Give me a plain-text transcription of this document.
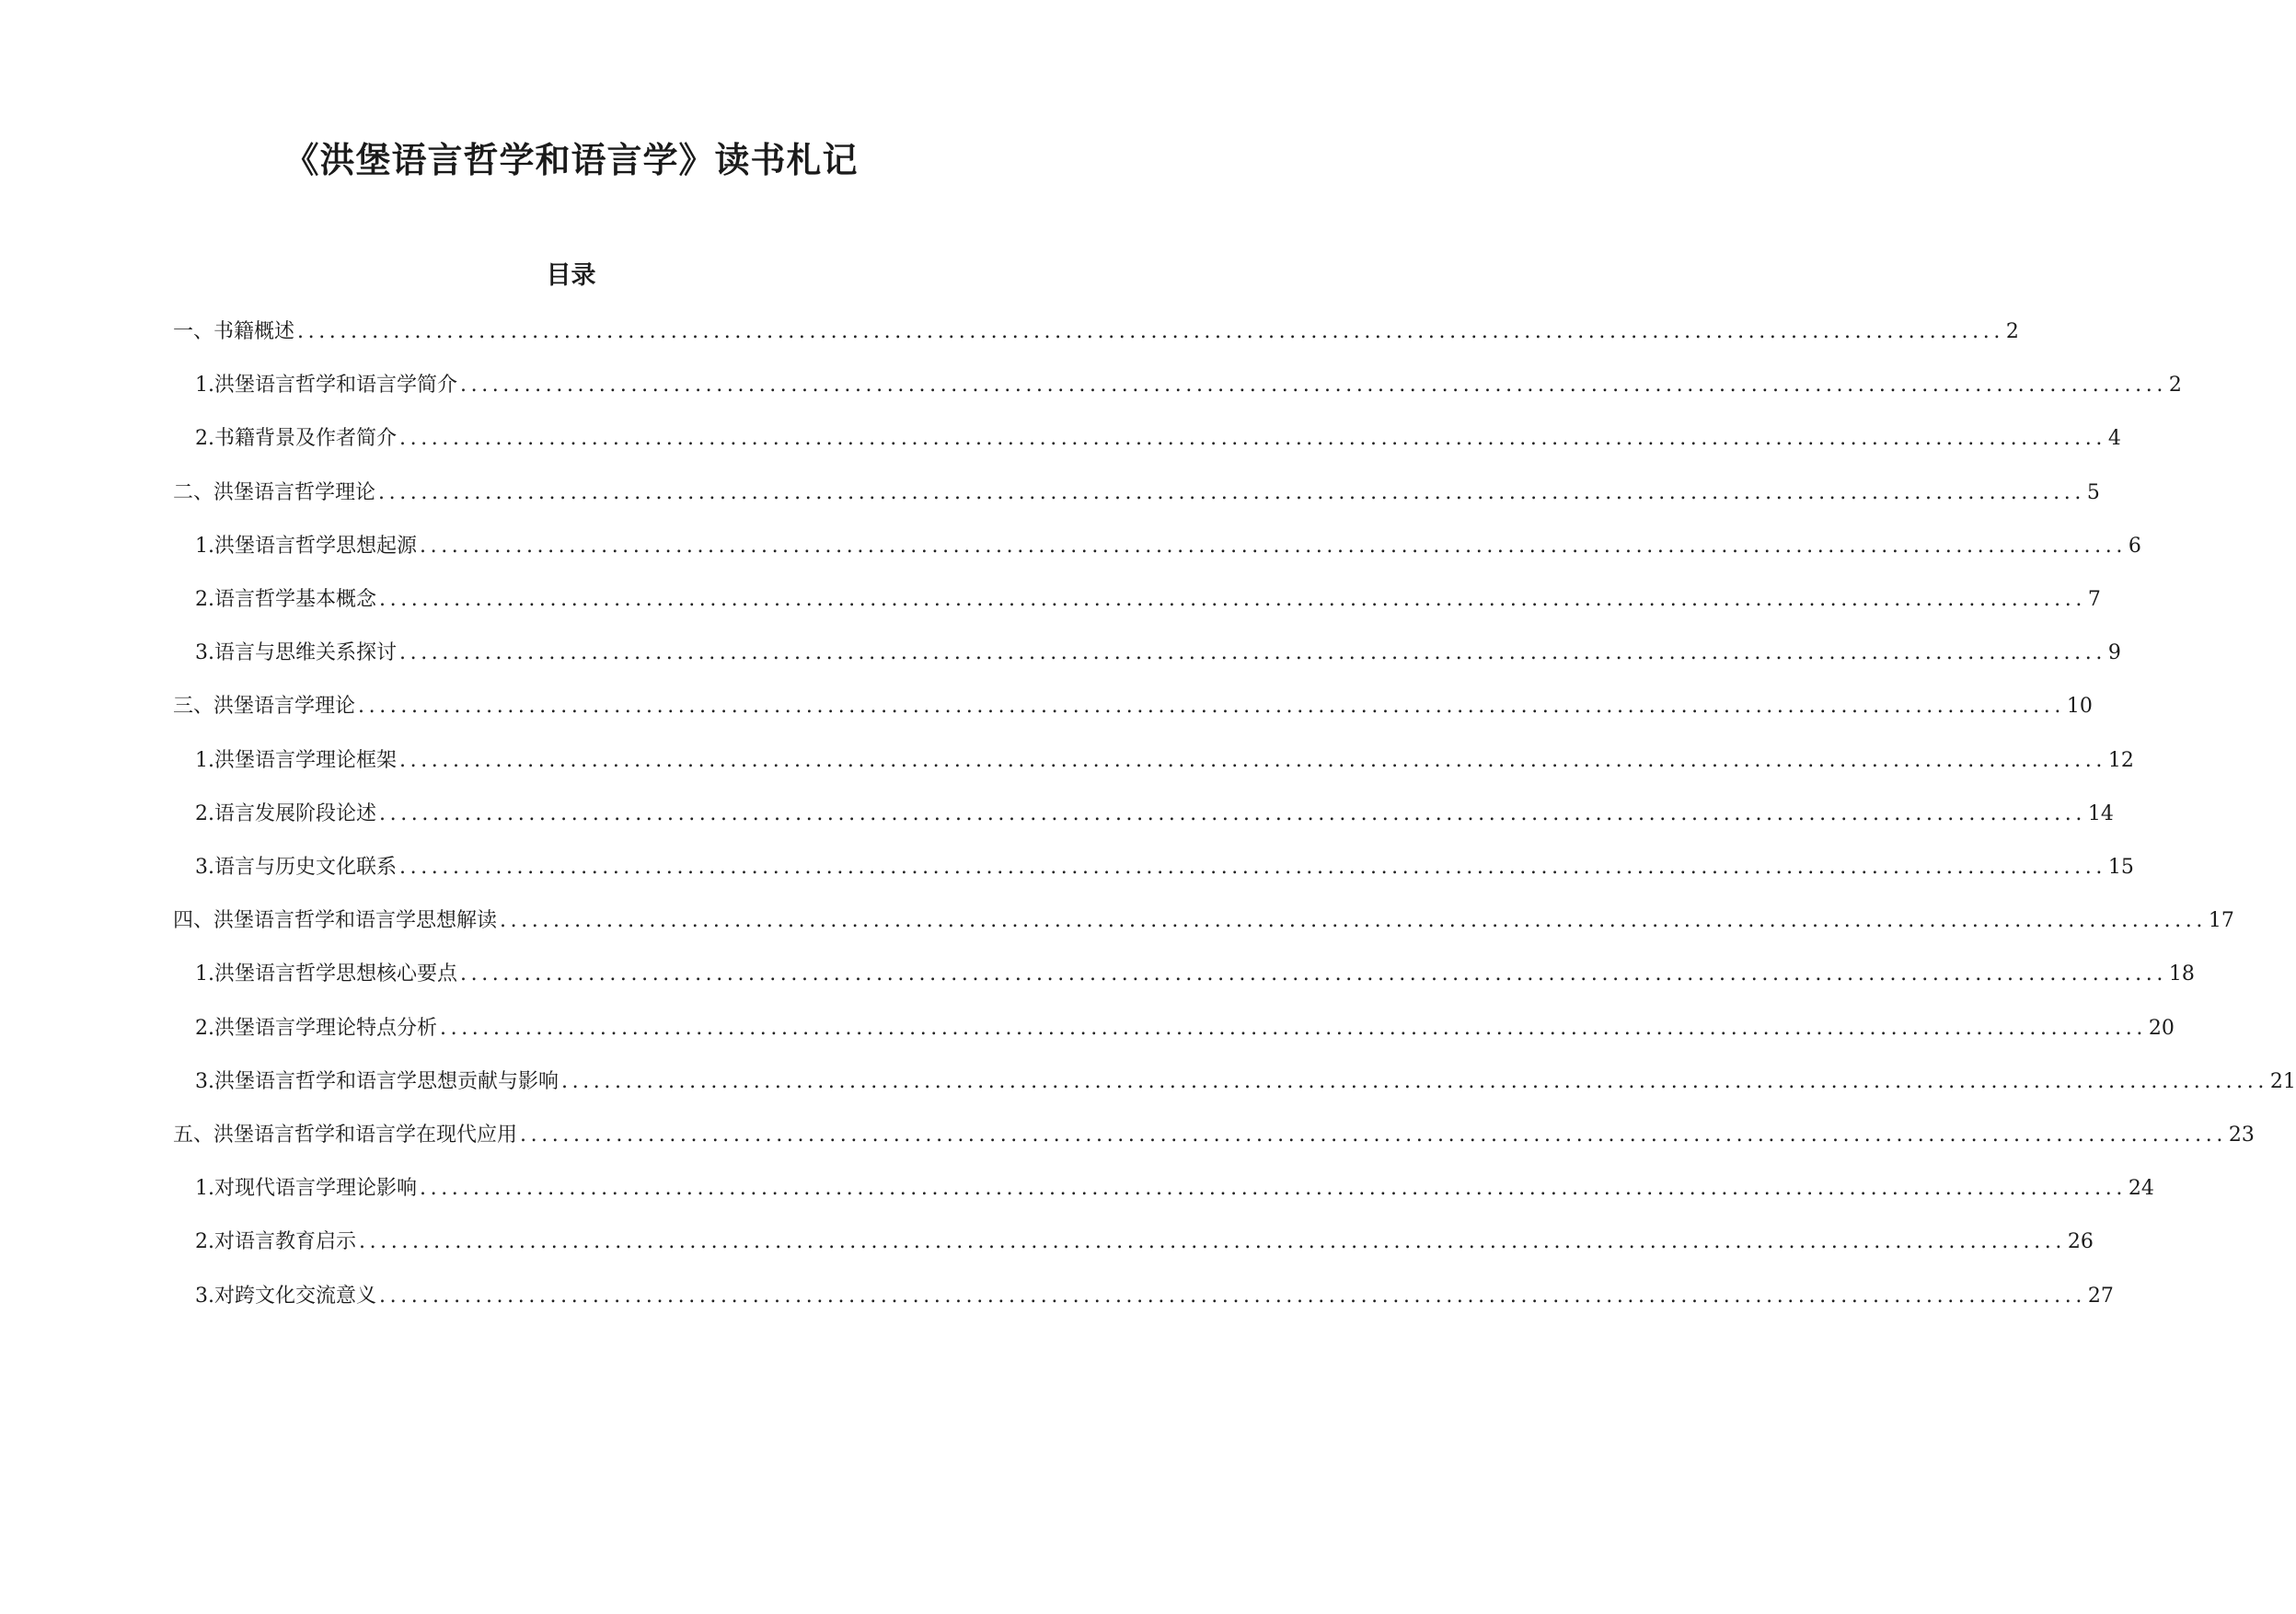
《洪堡语言哲学和语言学》读书札记
目录
一、书籍概述 ................................................................................................................................................................ 2
1. 洪堡语言哲学和语言学简介 ................................................................................................................................................................ 2
2. 书籍背景及作者简介 ................................................................................................................................................................ 4
二、洪堡语言哲学理论 ................................................................................................................................................................ 5
1. 洪堡语言哲学思想起源 ................................................................................................................................................................ 6
2. 语言哲学基本概念 ................................................................................................................................................................ 7
3. 语言与思维关系探讨 ................................................................................................................................................................ 9
三、洪堡语言学理论 ................................................................................................................................................................ 10
1. 洪堡语言学理论框架 ................................................................................................................................................................ 12
2. 语言发展阶段论述 ................................................................................................................................................................ 14
3. 语言与历史文化联系 ................................................................................................................................................................ 15
四、洪堡语言哲学和语言学思想解读 ................................................................................................................................................................ 17
1. 洪堡语言哲学思想核心要点 ................................................................................................................................................................ 18
2. 洪堡语言学理论特点分析 ................................................................................................................................................................ 20
3. 洪堡语言哲学和语言学思想贡献与影响 ................................................................................................................................................................ 21
五、洪堡语言哲学和语言学在现代应用 ................................................................................................................................................................ 23
1. 对现代语言学理论影响 ................................................................................................................................................................ 24
2. 对语言教育启示 ................................................................................................................................................................ 26
3. 对跨文化交流意义 ................................................................................................................................................................ 27
